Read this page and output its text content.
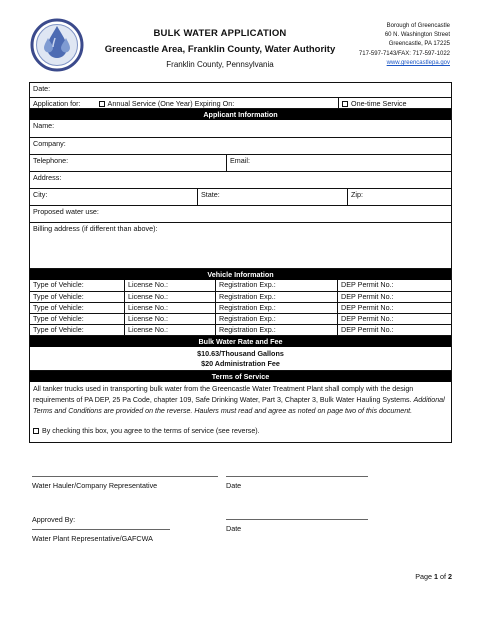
BULK WATER APPLICATION
Greencastle Area, Franklin County, Water Authority
Franklin County, Pennsylvania
Borough of Greencastle
60 N. Washington Street
Greencastle, PA 17225
717-597-7143/FAX: 717-597-1022
www.greencastlepa.gov
Date:
Application for:	Annual Service (One Year) Expiring On:	One-time Service
Applicant Information
Name:
Company:
Telephone:	Email:
Address:
City:	State:	Zip:
Proposed water use:
Billing address (if different than above):
Vehicle Information
Type of Vehicle:	License No.:	Registration Exp.:	DEP Permit No.:
Type of Vehicle:	License No.:	Registration Exp.:	DEP Permit No.:
Type of Vehicle:	License No.:	Registration Exp.:	DEP Permit No.:
Type of Vehicle:	License No.:	Registration Exp.:	DEP Permit No.:
Type of Vehicle:	License No.:	Registration Exp.:	DEP Permit No.:
Bulk Water Rate and Fee
$10.63/Thousand Gallons
$20 Administration Fee
Terms of Service
All tanker trucks used in transporting bulk water from the Greencastle Water Treatment Plant shall comply with the design requirements of PA DEP, 25 Pa Code, chapter 109, Safe Drinking Water, Part 3, Chapter 3, Bulk Water Hauling Systems. Additional Terms and Conditions are provided on the reverse. Haulers must read and agree as noted on page two of this document.
By checking this box, you agree to the terms of service (see reverse).
Water Hauler/Company Representative	Date
Approved By:
Water Plant Representative/GAFCWA
Date
Page 1 of 2
